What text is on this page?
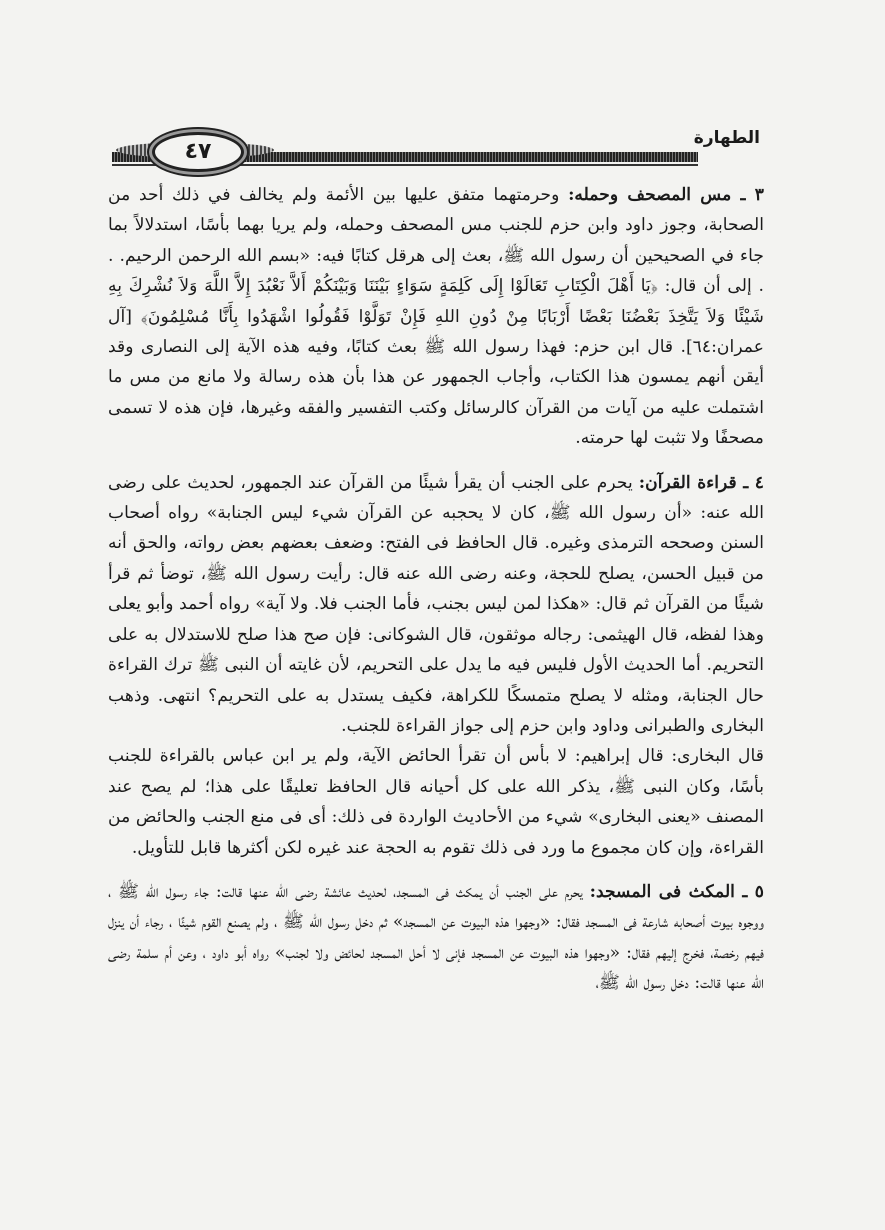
٤٧
الطهارة

٣ ـ مس المصحف وحمله: وحرمتهما متفق عليها بين الأئمة ولم يخالف في ذلك أحد من الصحابة، وجوز داود وابن حزم للجنب مس المصحف وحمله، ولم يريا بهما بأسًا، استدلالاً بما جاء في الصحيحين أن رسول الله ﷺ، بعث إلى هرقل كتابًا فيه: «بسم الله الرحمن الرحيم. . . إلى أن قال: ﴿يَا أَهْلَ الْكِتَابِ تَعَالَوْا إِلَى كَلِمَةٍ سَوَاءٍ بَيْنَنَا وَبَيْنَكُمْ أَلاَّ نَعْبُدَ إِلاَّ اللَّهَ وَلاَ نُشْرِكَ بِهِ شَيْئًا وَلاَ يَتَّخِذَ بَعْضُنَا بَعْضًا أَرْبَابًا مِنْ دُونِ اللهِ فَإِنْ تَوَلَّوْا فَقُولُوا اشْهَدُوا بِأَنَّا مُسْلِمُونَ﴾ [آل عمران:٦٤]. قال ابن حزم: فهذا رسول الله ﷺ بعث كتابًا، وفيه هذه الآية إلى النصارى وقد أيقن أنهم يمسون هذا الكتاب، وأجاب الجمهور عن هذا بأن هذه رسالة ولا مانع من مس ما اشتملت عليه من آيات من القرآن كالرسائل وكتب التفسير والفقه وغيرها، فإن هذه لا تسمى مصحفًا ولا تثبت لها حرمته.

٤ ـ قراءة القرآن: يحرم على الجنب أن يقرأ شيئًا من القرآن عند الجمهور، لحديث على رضى الله عنه: «أن رسول الله ﷺ، كان لا يحجبه عن القرآن شيء ليس الجنابة» رواه أصحاب السنن وصححه الترمذى وغيره. قال الحافظ فى الفتح: وضعف بعضهم بعض رواته، والحق أنه من قبيل الحسن، يصلح للحجة، وعنه رضى الله عنه قال: رأيت رسول الله ﷺ، توضأ ثم قرأ شيئًا من القرآن ثم قال: «هكذا لمن ليس بجنب، فأما الجنب فلا. ولا آية» رواه أحمد وأبو يعلى وهذا لفظه، قال الهيثمى: رجاله موثقون، قال الشوكانى: فإن صح هذا صلح للاستدلال به على التحريم. أما الحديث الأول فليس فيه ما يدل على التحريم، لأن غايته أن النبى ﷺ ترك القراءة حال الجنابة، ومثله لا يصلح متمسكًا للكراهة، فكيف يستدل به على التحريم؟ انتهى. وذهب البخارى والطبرانى وداود وابن حزم إلى جواز القراءة للجنب.

قال البخارى: قال إبراهيم: لا بأس أن تقرأ الحائض الآية، ولم ير ابن عباس بالقراءة للجنب بأسًا، وكان النبى ﷺ، يذكر الله على كل أحيانه قال الحافظ تعليقًا على هذا؛ لم يصح عند المصنف «يعنى البخارى» شيء من الأحاديث الواردة فى ذلك: أى فى منع الجنب والحائض من القراءة، وإن كان مجموع ما ورد فى ذلك تقوم به الحجة عند غيره لكن أكثرها قابل للتأويل.

٥ ـ المكث فى المسجد: يحرم على الجنب أن يمكث فى المسجد، لحديث عائشة رضى الله عنها قالت: جاء رسول الله ﷺ ، ووجوه بيوت أصحابه شارعة فى المسجد فقال: «وجهوا هذه البيوت عن المسجد» ثم دخل رسول الله ﷺ ، ولم يصنع القوم شيئًا ، رجاء أن ينزل فيهم رخصة، فخرج إليهم فقال: «وجهوا هذه البيوت عن المسجد فإنى لا أحل المسجد لحائض ولا لجنب» رواه أبو داود ، وعن أم سلمة رضى الله عنها قالت: دخل رسول الله ﷺ،
